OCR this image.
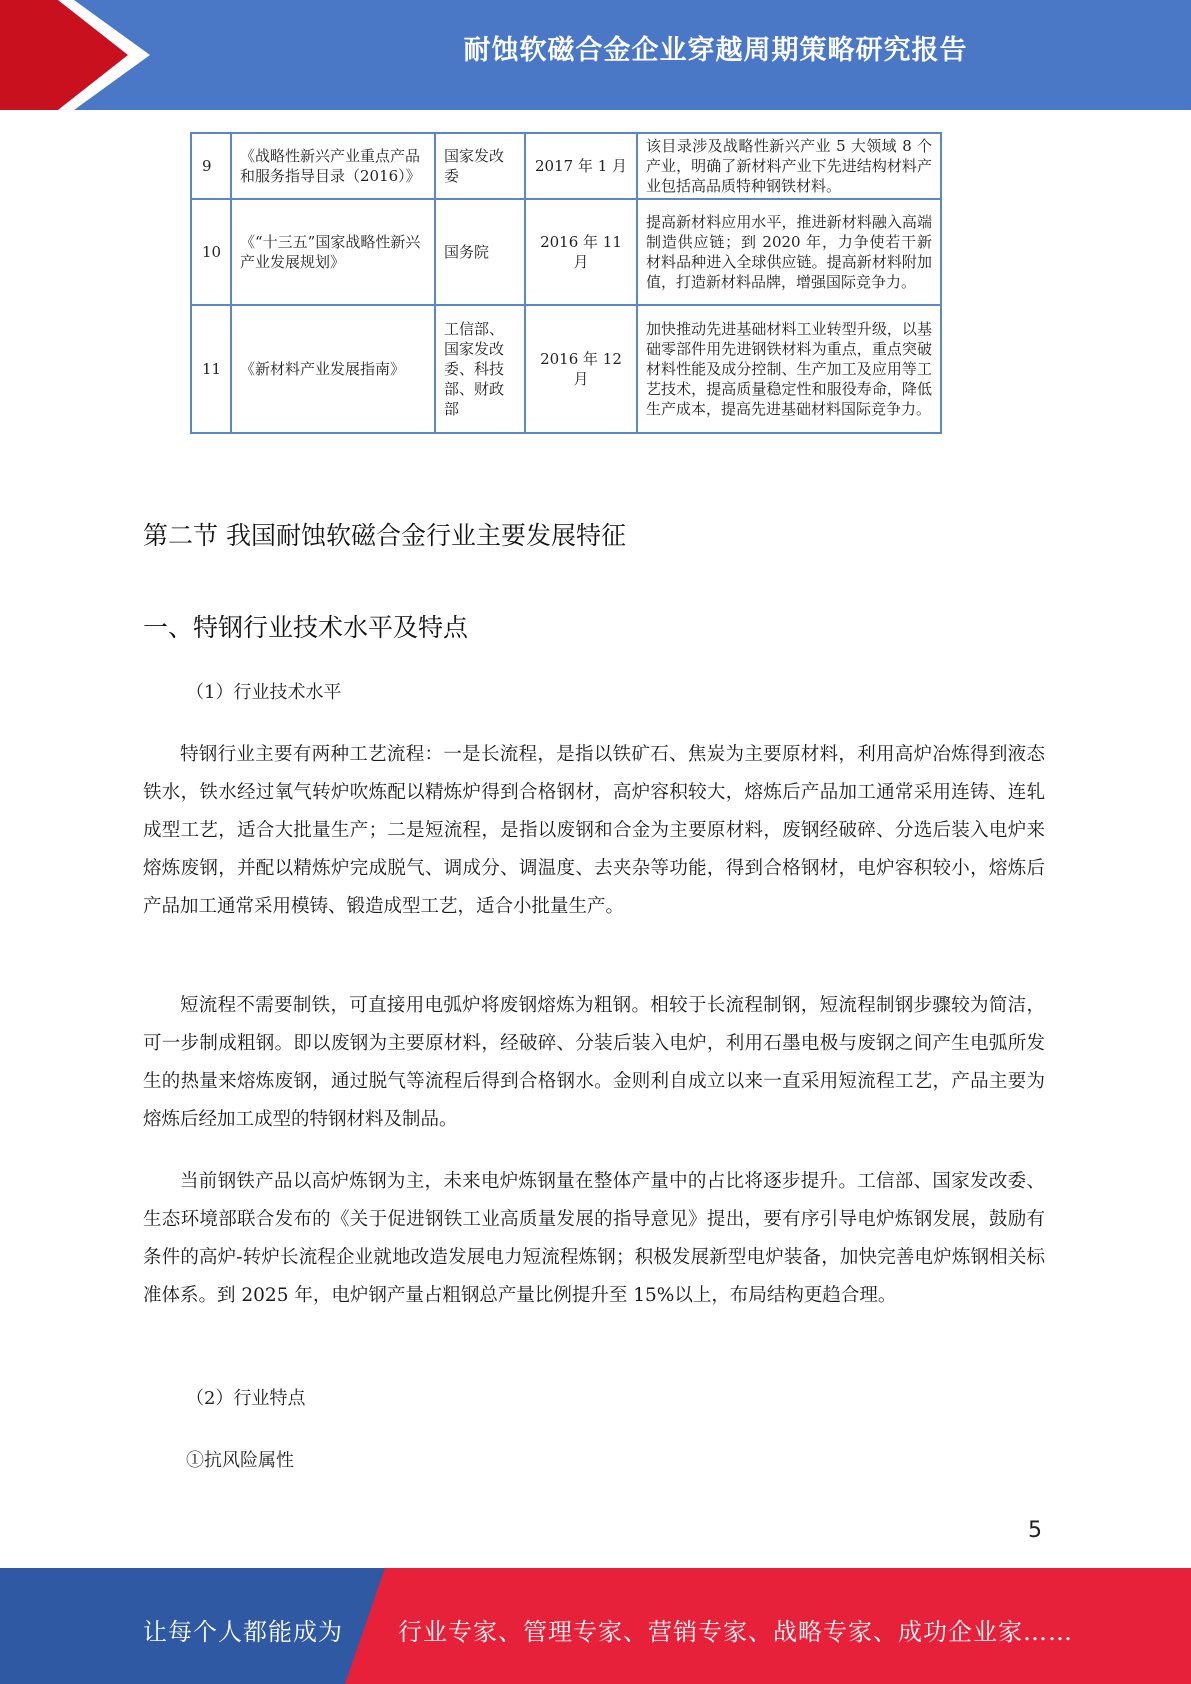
耐蚀软磁合金企业穿越周期策略研究报告
9	《战略性新兴产业重点产品和服务指导目录（2016）》	国家发改委	2017 年 1 月	该目录涉及战略性新兴产业 5 大领域 8 个产业，明确了新材料产业下先进结构材料产业包括高品质特种钢铁材料。
10	《“十三五”国家战略性新兴产业发展规划》	国务院	2016 年 11 月	提高新材料应用水平，推进新材料融入高端制造供应链；到 2020 年，力争使若干新材料品种进入全球供应链。提高新材料附加值，打造新材料品牌，增强国际竞争力。
11	《新材料产业发展指南》	工信部、国家发改委、科技部、财政部	2016 年 12 月	加快推动先进基础材料工业转型升级，以基础零部件用先进钢铁材料为重点，重点突破材料性能及成分控制、生产加工及应用等工艺技术，提高质量稳定性和服役寿命，降低生产成本，提高先进基础材料国际竞争力。
第二节 我国耐蚀软磁合金行业主要发展特征
一、特钢行业技术水平及特点
（1）行业技术水平

特钢行业主要有两种工艺流程：一是长流程，是指以铁矿石、焦炭为主要原材料，利用高炉冶炼得到液态铁水，铁水经过氧气转炉吹炼配以精炼炉得到合格钢材，高炉容积较大，熔炼后产品加工通常采用连铸、连轧成型工艺，适合大批量生产；二是短流程，是指以废钢和合金为主要原材料，废钢经破碎、分选后装入电炉来熔炼废钢，并配以精炼炉完成脱气、调成分、调温度、去夹杂等功能，得到合格钢材，电炉容积较小，熔炼后产品加工通常采用模铸、锻造成型工艺，适合小批量生产。

短流程不需要制铁，可直接用电弧炉将废钢熔炼为粗钢。相较于长流程制钢，短流程制钢步骤较为简洁，可一步制成粗钢。即以废钢为主要原材料，经破碎、分装后装入电炉，利用石墨电极与废钢之间产生电弧所发生的热量来熔炼废钢，通过脱气等流程后得到合格钢水。金则利自成立以来一直采用短流程工艺，产品主要为熔炼后经加工成型的特钢材料及制品。

当前钢铁产品以高炉炼钢为主，未来电炉炼钢量在整体产量中的占比将逐步提升。工信部、国家发改委、生态环境部联合发布的《关于促进钢铁工业高质量发展的指导意见》提出，要有序引导电炉炼钢发展，鼓励有条件的高炉-转炉长流程企业就地改造发展电力短流程炼钢；积极发展新型电炉装备，加快完善电炉炼钢相关标准体系。到 2025 年，电炉钢产量占粗钢总产量比例提升至 15%以上，布局结构更趋合理。

（2）行业特点
①抗风险属性
5
让每个人都能成为 行业专家、管理专家、营销专家、战略专家、成功企业家……
